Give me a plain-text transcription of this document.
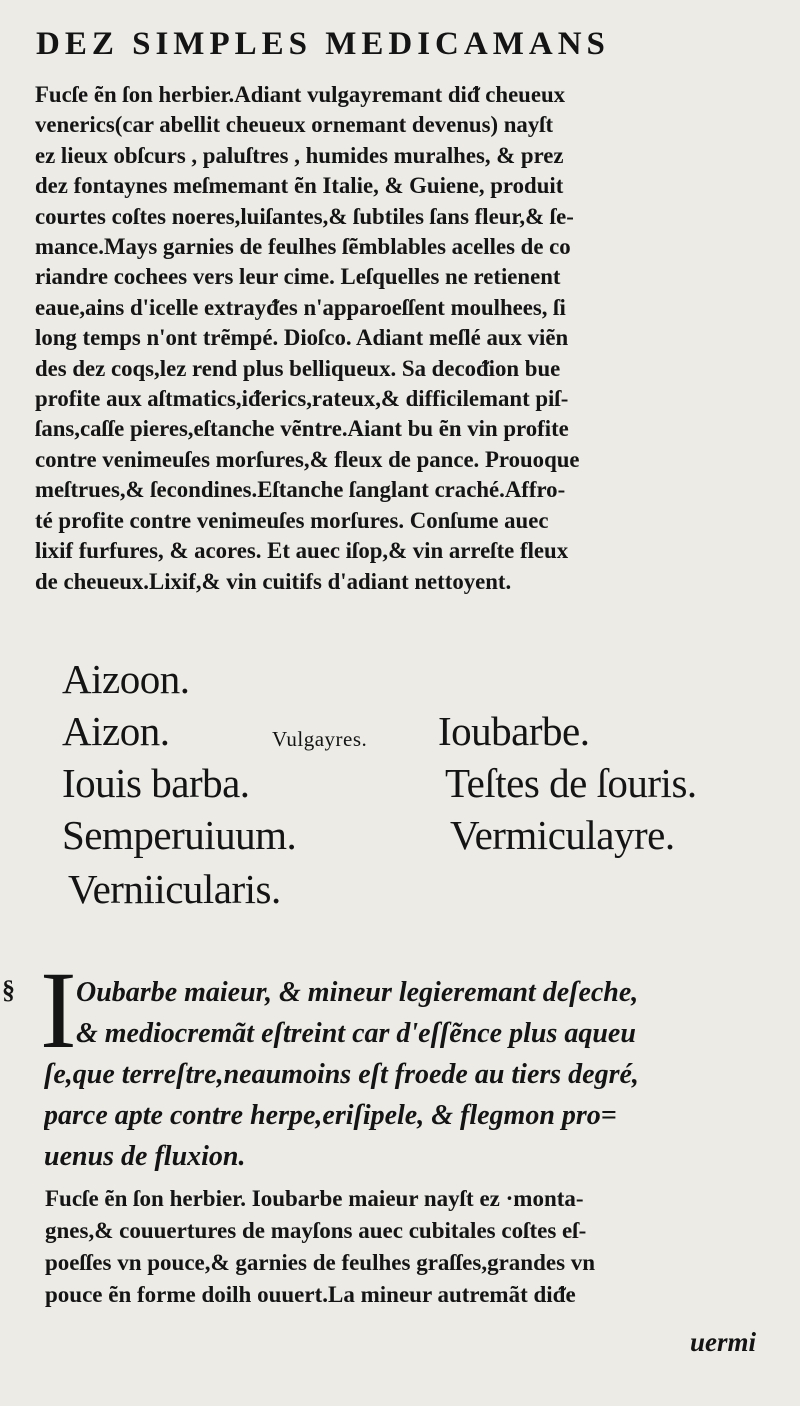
DEZ SIMPLES MEDICAMANS
Fucſe ẽn ſon herbier.Adiant vulgayremant diᵭ cheueux
venerics(car abellit cheueux ornemant devenus) nayſt
ez lieux obſcurs , paluſtres , humides muralhes, & prez
dez fontaynes meſmemant ẽn Italie, & Guiene, produit
courtes coſtes noeres,luiſantes,& ſubtiles ſans fleur,& ſe-
mance.Mays garnies de feulhes ſẽmblables acelles de co
riandre cochees vers leur cime. Leſquelles ne retienent
eaue,ains d'icelle extrayᵭes n'apparoeſſent moulhees, ſi
long temps n'ont trẽmpé. Dioſco. Adiant meſlé aux viẽn
des dez coqs,lez rend plus belliqueux. Sa decoᵭion bue
profite aux aſtmatics,iᵭerics,rateux,& difficilemant piſ-
ſans,caſſe pieres,eſtanche vẽntre.Aiant bu ẽn vin profite
contre venimeuſes morſures,& fleux de pance. Prouoque
meſtrues,& ſecondines.Eſtanche ſanglant craché.Affro-
té profite contre venimeuſes morſures. Conſume auec
lixif furfures, & acores. Et auec iſop,& vin arreſte fleux
de cheueux.Lixif,& vin cuitifs d'adiant nettoyent.
Aizoon.
Aizon.
Iouis barba.
Semperuiuum.
Verniicularis.
Vulgayres. Ioubarbe.
Teſtes de ſouris.
Vermiculayre.
§ I Oubarbe maieur, & mineur legieremant deſeche,
& mediocremãt eſtreint car d'eſſẽnce plus aqueu
ſe,que terreſtre,neaumoins eſt froede au tiers degré,
parce apte contre herpe,eriſipele, & flegmon pro=
uenus de fluxion.
Fucſe ẽn ſon herbier. Ioubarbe maieur nayſt ez ·monta-
gnes,& couuertures de mayſons auec cubitales coſtes eſ-
poeſſes vn pouce,& garnies de feulhes graſſes,grandes vn
pouce ẽn forme doilh ouuert.La mineur autremãt diᵭe
uermi
